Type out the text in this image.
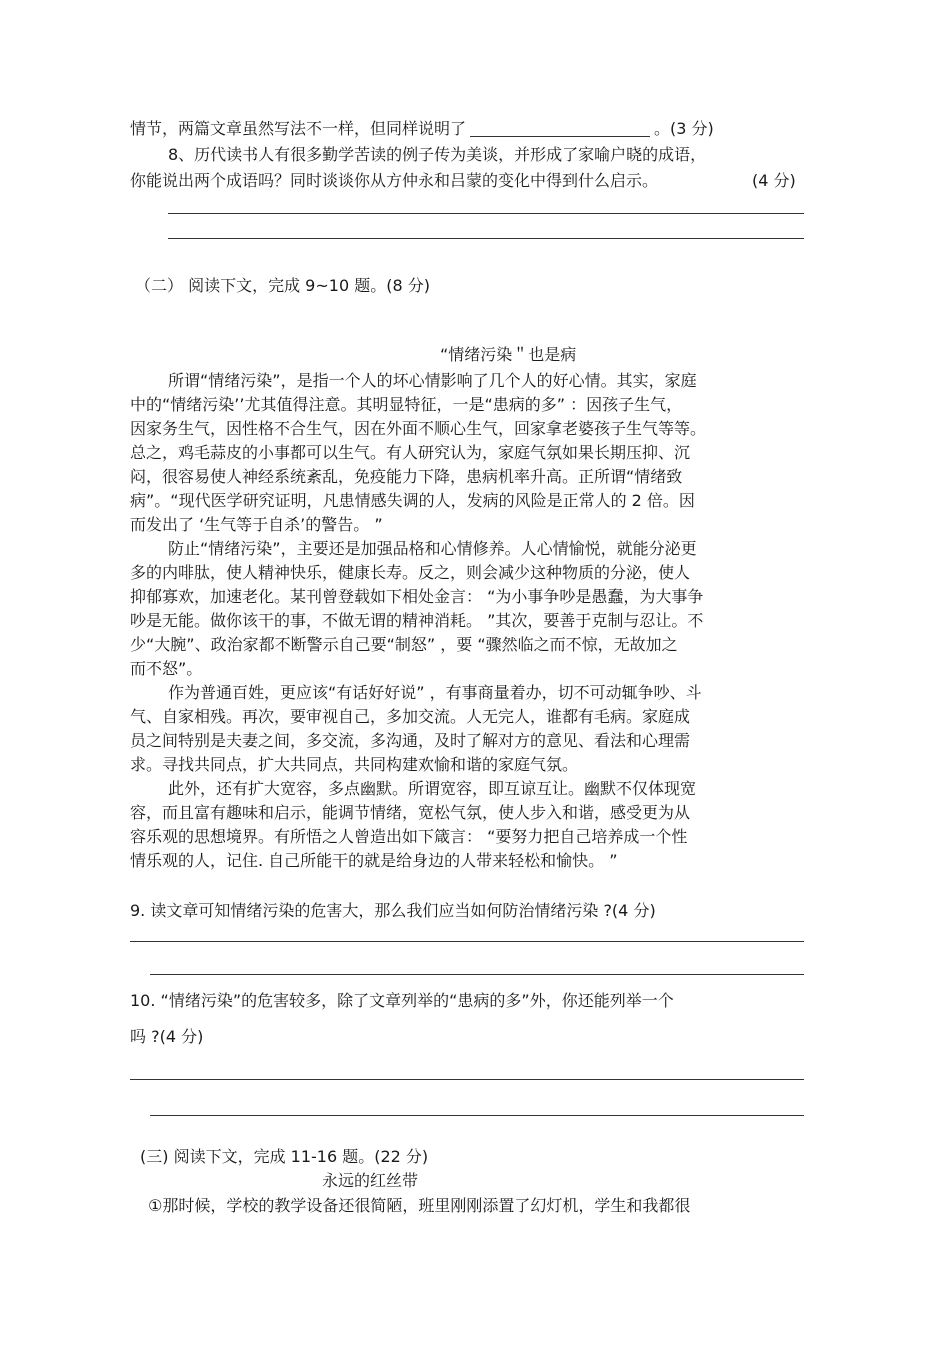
情节，两篇文章虽然写法不一样，但同样说明了	。(3 分)
8、历代读书人有很多勤学苦读的例子传为美谈，并形成了家喻户晓的成语，
你能说出两个成语吗？同时谈谈你从方仲永和吕蒙的变化中得到什么启示。	(4 分)
（二） 阅读下文，完成 9~10 题。(8 分)
“情绪污染＂也是病
所谓“情绪污染”，是指一个人的坏心情影响了几个人的好心情。其实，家庭
中的“情绪污染’’尤其值得注意。其明显特征，一是“患病的多” ：因孩子生气，
因家务生气，因性格不合生气，因在外面不顺心生气，回家拿老婆孩子生气等等。
总之，鸡毛蒜皮的小事都可以生气。有人研究认为，家庭气氛如果长期压抑、沉
闷，很容易使人神经系统紊乱，免疫能力下降，患病机率升高。正所谓“情绪致
病”。“现代医学研究证明，凡患情感失调的人，发病的风险是正常人的 2 倍。因
而发出了 ‘生气等于自杀’的警告。 ”
防止“情绪污染”，主要还是加强品格和心情修养。人心情愉悦，就能分泌更
多的内啡肽，使人精神快乐，健康长寿。反之，则会减少这种物质的分泌，使人
抑郁寡欢，加速老化。某刊曾登载如下相处金言： “为小事争吵是愚蠢，为大事争
吵是无能。做你该干的事，不做无谓的精神消耗。 ”其次，要善于克制与忍让。不
少“大腕”、政治家都不断警示自己要“制怒” ，要 “骤然临之而不惊，无故加之
而不怒”。
作为普通百姓，更应该“有话好好说” ，有事商量着办，切不可动辄争吵、斗
气、自家相残。再次，要审视自己，多加交流。人无完人，谁都有毛病。家庭成
员之间特别是夫妻之间，多交流，多沟通，及时了解对方的意见、看法和心理需
求。寻找共同点，扩大共同点，共同构建欢愉和谐的家庭气氛。
此外，还有扩大宽容，多点幽默。所谓宽容，即互谅互让。幽默不仅体现宽
容，而且富有趣味和启示，能调节情绪，宽松气氛，使人步入和谐，感受更为从
容乐观的思想境界。有所悟之人曾造出如下箴言： “要努力把自己培养成一个性
情乐观的人，记住. 自己所能干的就是给身边的人带来轻松和愉快。 ”
9. 读文章可知情绪污染的危害大，那么我们应当如何防治情绪污染 ?(4 分)
10. “情绪污染”的危害较多，除了文章列举的“患病的多”外，你还能列举一个
吗 ?(4 分)
(三) 阅读下文，完成 11-16 题。(22 分)
永远的红丝带
①那时候，学校的教学设备还很简陋，班里刚刚添置了幻灯机，学生和我都很
